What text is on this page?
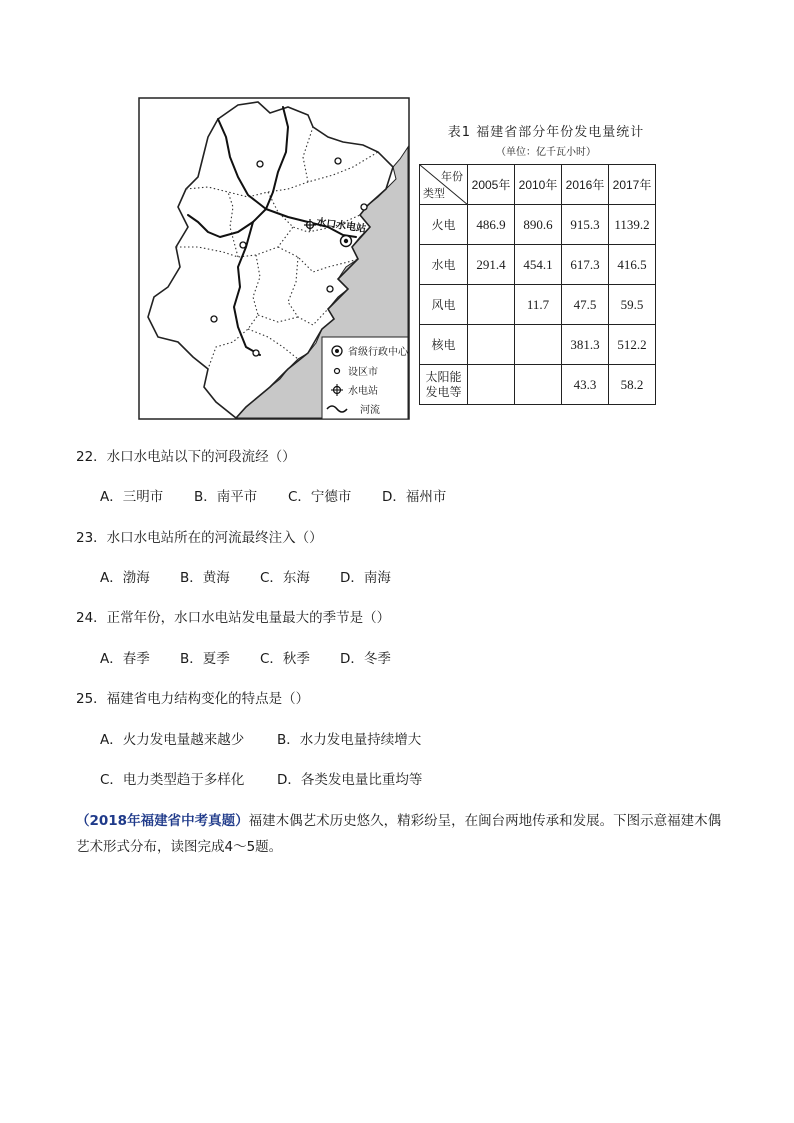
水口水电站
省级行政中心
设区市
水电站
河流
表1 福建省部分年份发电量统计
（单位：亿千瓦小时）
年份
类型	2005年	2010年	2016年	2017年
火电	486.9	890.6	915.3	1139.2
水电	291.4	454.1	617.3	416.5
风电		11.7	47.5	59.5
核电			381.3	512.2
太阳能
发电等			43.3	58.2
22．水口水电站以下的河段流经（）
A．三明市 B．南平市 C．宁德市 D．福州市
23．水口水电站所在的河流最终注入（）
A．渤海 B．黄海 C．东海 D．南海
24．正常年份，水口水电站发电量最大的季节是（）
A．春季 B．夏季 C．秋季 D．冬季
25．福建省电力结构变化的特点是（）
A．火力发电量越来越少 B．水力发电量持续增大
C．电力类型趋于多样化 D．各类发电量比重均等
（2018年福建省中考真题）福建木偶艺术历史悠久，精彩纷呈，在闽台两地传承和发展。下图示意福建木偶艺术形式分布，读图完成4～5题。
